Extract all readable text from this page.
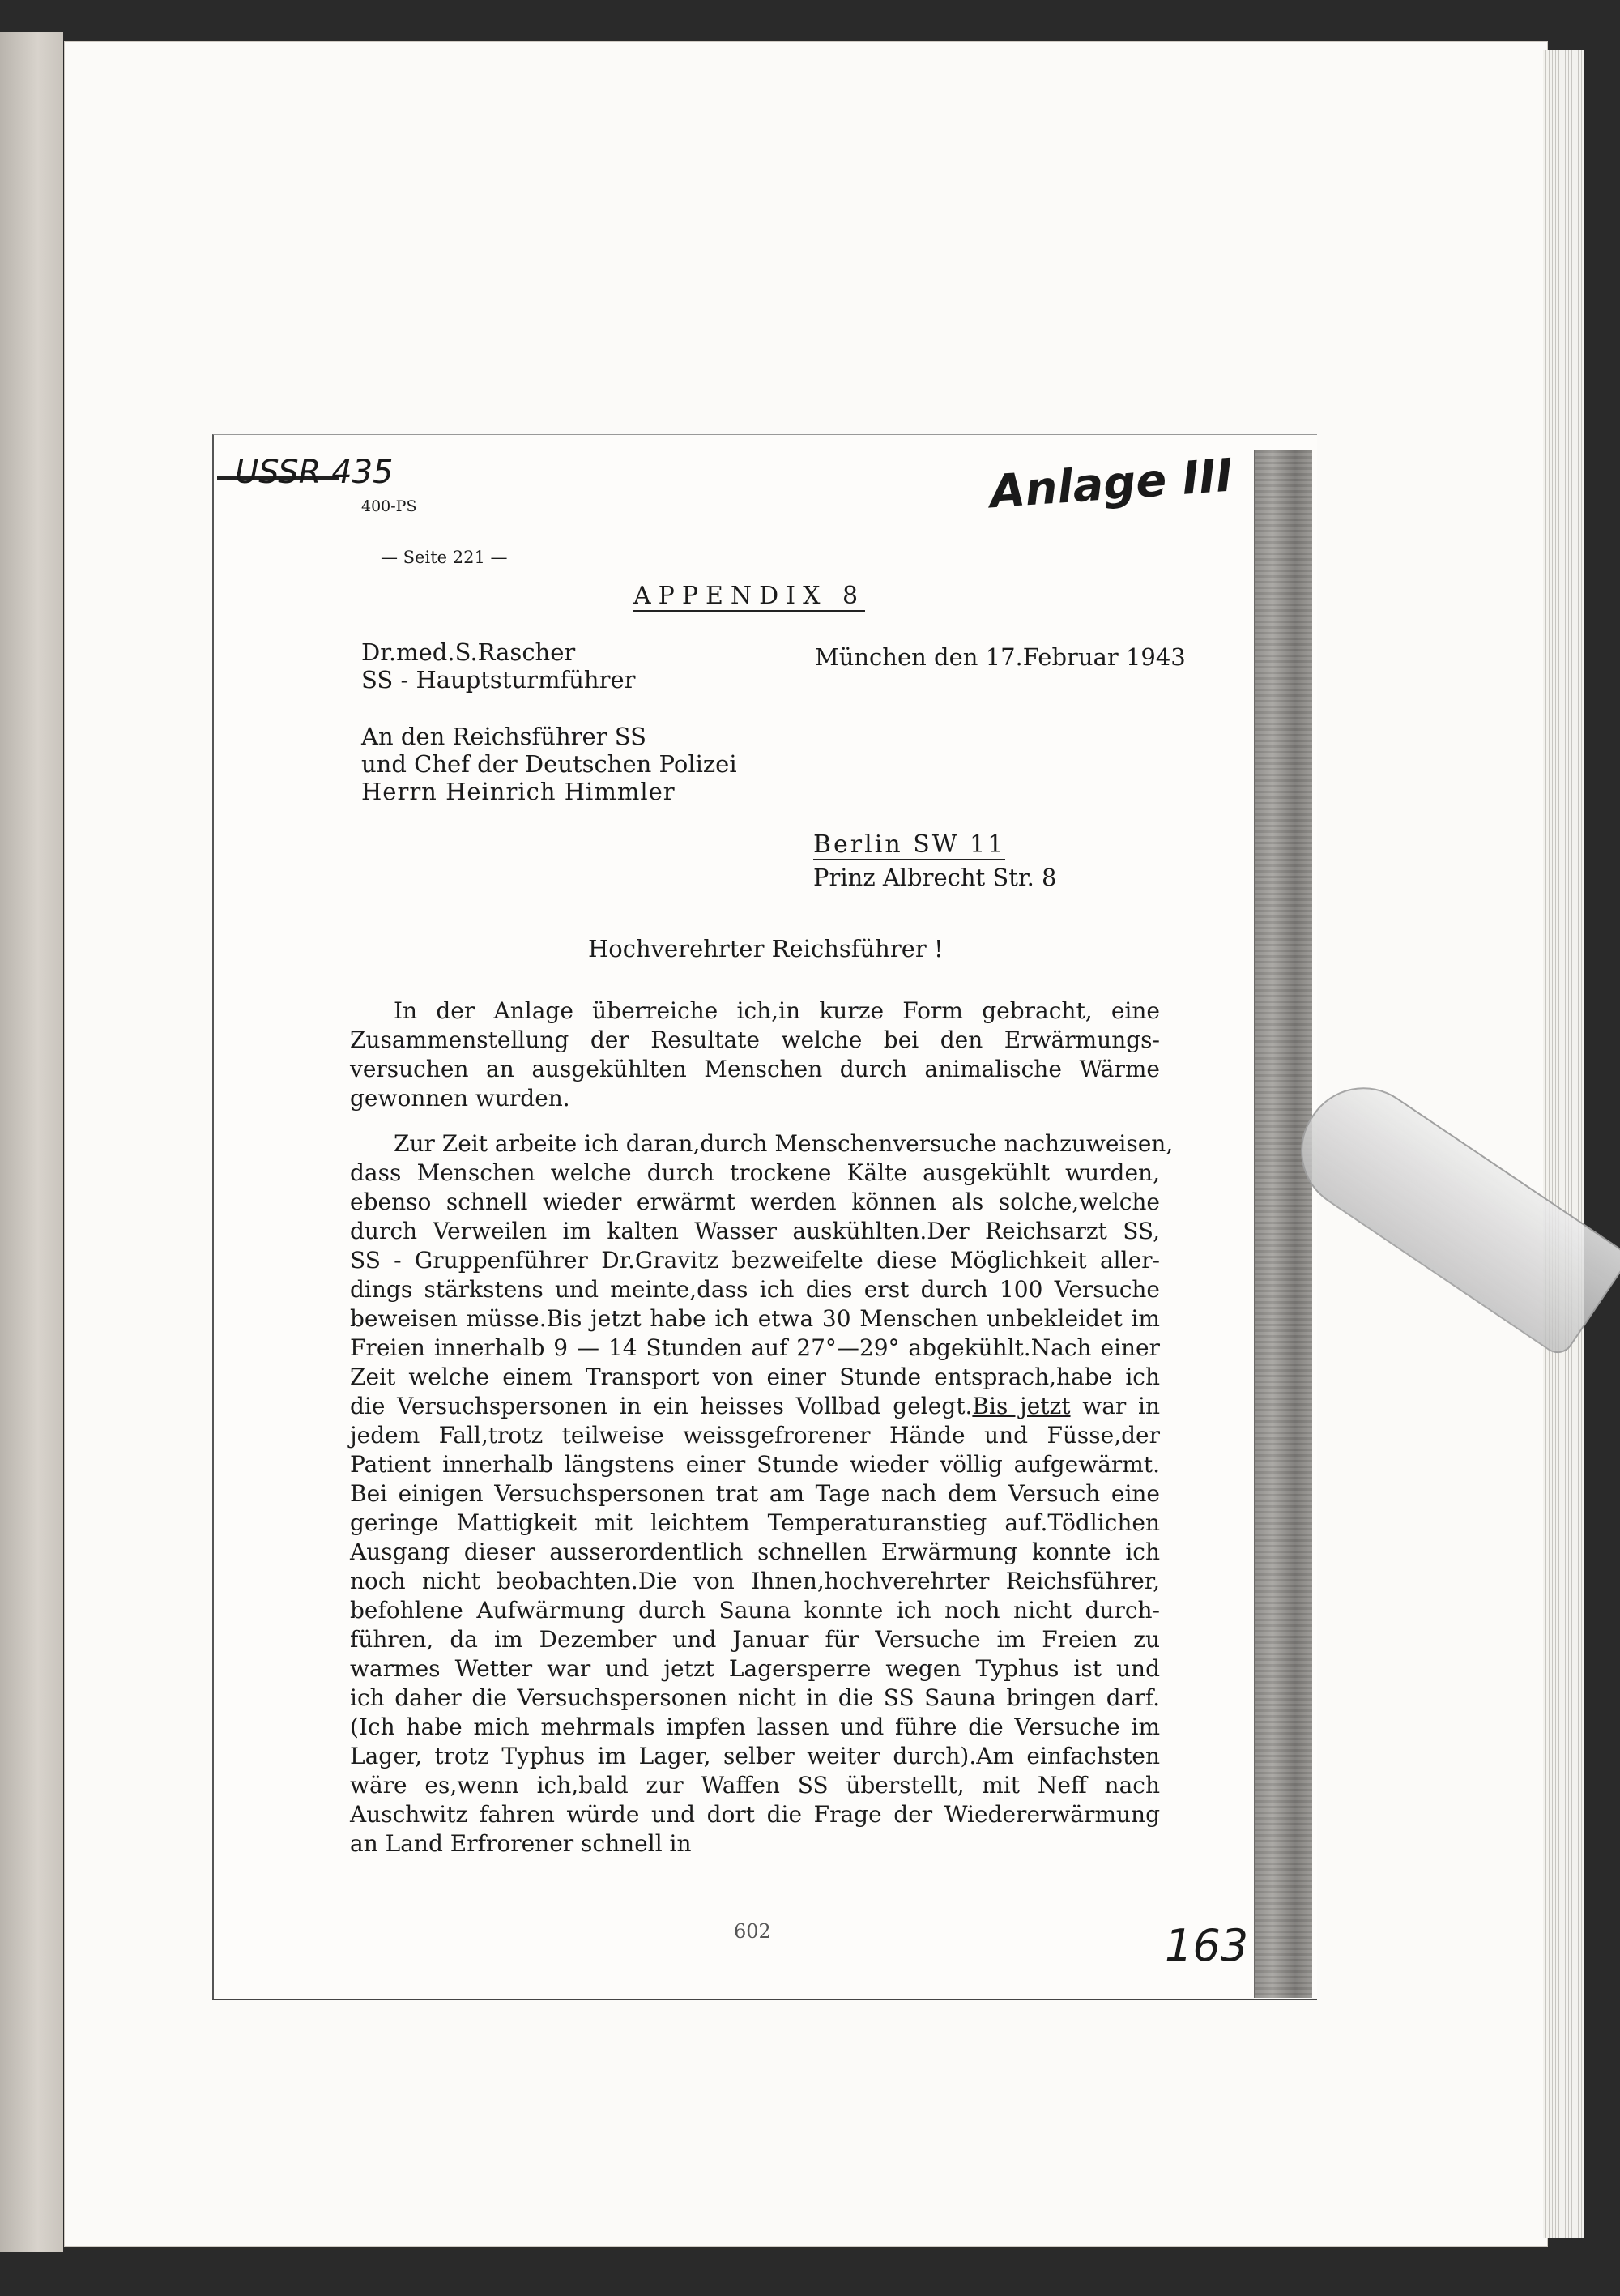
USSR 435	Anlage III
400-PS
— Seite 221 —
APPENDIX 8
Dr.med.S.Rascher	München den 17.Februar 1943
SS - Hauptsturmführer
An den Reichsführer SS
und Chef der Deutschen Polizei
Herrn Heinrich Himmler
Berlin SW 11
Prinz Albrecht Str. 8
Hochverehrter Reichsführer !
In der Anlage überreiche ich,in kurze Form gebracht, eine
Zusammenstellung der Resultate welche bei den Erwärmungs-
versuchen an ausgekühlten Menschen durch animalische Wärme
gewonnen wurden.
Zur Zeit arbeite ich daran,durch Menschenversuche nachzuweisen,
dass Menschen welche durch trockene Kälte ausgekühlt wurden,
ebenso schnell wieder erwärmt werden können als solche,welche
durch Verweilen im kalten Wasser auskühlten.Der Reichsarzt SS,
SS - Gruppenführer Dr.Gravitz bezweifelte diese Möglichkeit aller-
dings stärkstens und meinte,dass ich dies erst durch 100 Versuche
beweisen müsse.Bis jetzt habe ich etwa 30 Menschen unbekleidet im
Freien innerhalb 9 — 14 Stunden auf 27°—29° abgekühlt.Nach einer
Zeit welche einem Transport von einer Stunde entsprach,habe ich
die Versuchspersonen in ein heisses Vollbad gelegt.Bis jetzt war in
jedem Fall,trotz teilweise weissgefrorener Hände und Füsse,der
Patient innerhalb längstens einer Stunde wieder völlig aufgewärmt.
Bei einigen Versuchspersonen trat am Tage nach dem Versuch eine
geringe Mattigkeit mit leichtem Temperaturanstieg auf.Tödlichen
Ausgang dieser ausserordentlich schnellen Erwärmung konnte ich
noch nicht beobachten.Die von Ihnen,hochverehrter Reichsführer,
befohlene Aufwärmung durch Sauna konnte ich noch nicht durch-
führen, da im Dezember und Januar für Versuche im Freien zu
warmes Wetter war und jetzt Lagersperre wegen Typhus ist und
ich daher die Versuchspersonen nicht in die SS Sauna bringen darf.
(Ich habe mich mehrmals impfen lassen und führe die Versuche im
Lager, trotz Typhus im Lager, selber weiter durch).Am einfachsten
wäre es,wenn ich,bald zur Waffen SS überstellt, mit Neff nach
Auschwitz fahren würde und dort die Frage der Wiedererwärmung
an Land Erfrorener schnell in
602	163
